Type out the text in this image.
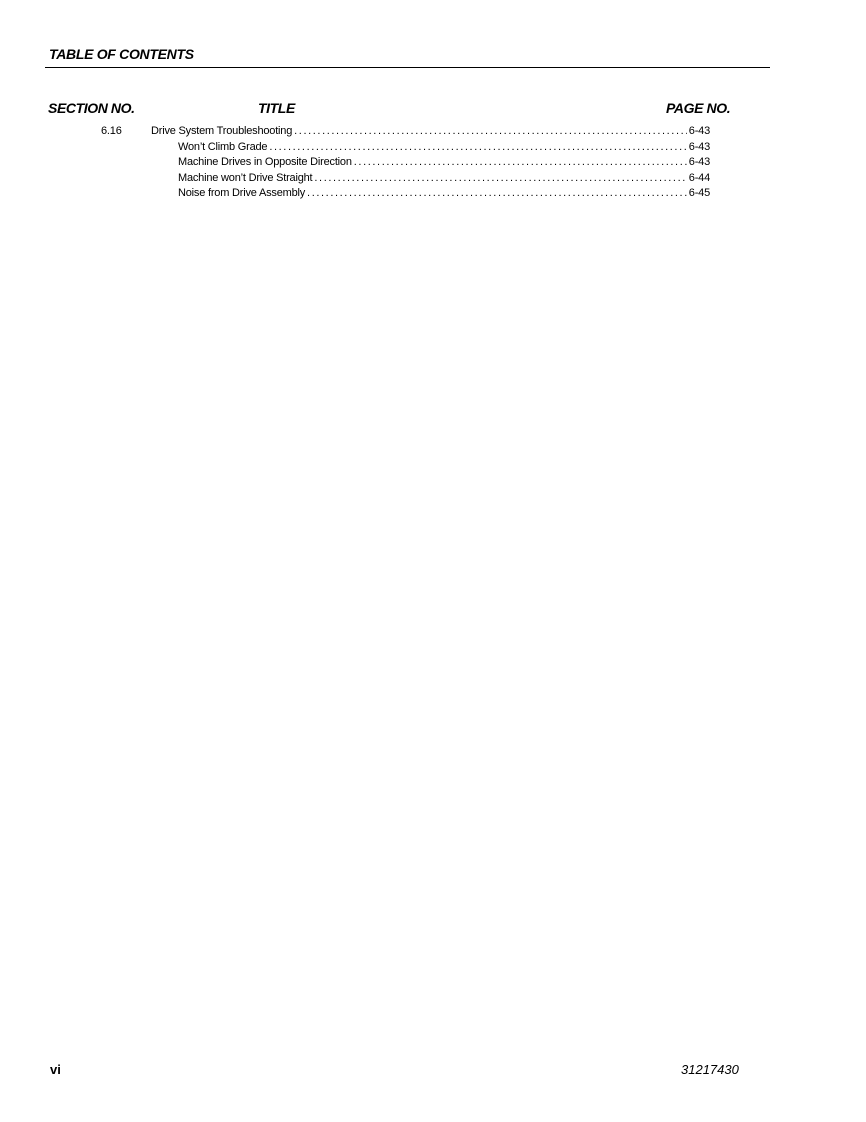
TABLE OF CONTENTS
SECTION NO.	TITLE	PAGE NO.
6.16	Drive System Troubleshooting .....	6-43
Won’t Climb Grade .....	6-43
Machine Drives in Opposite Direction .....	6-43
Machine won’t Drive Straight .....	6-44
Noise from Drive Assembly .....	6-45
vi	31217430
